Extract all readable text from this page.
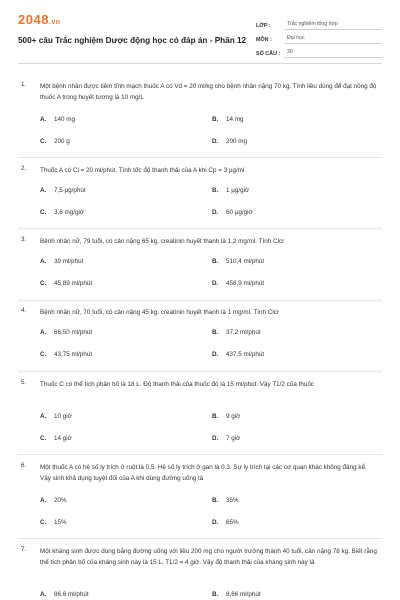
2048.vn
500+ câu Trắc nghiệm Dược động học có đáp án - Phần 12
LỚP :	Trắc nghiệm tổng hợp
MÔN :	Đại học
SỐ CÂU :	30
1. Một bệnh nhân được tiêm tĩnh mạch thuốc A có Vd = 20 ml/kg cho bệnh nhân nặng 70 kg. Tính liều dùng để đạt nồng độ thuốc A trong huyết tương là 10 mg/L
A. 140 mg	B. 14 mg
C. 200 g	D. 200 mg
2. Thuốc A có Cl = 20 ml/phút. Tính tốc độ thanh thải của A khi Cp = 3 µg/ml
A. 7,5 µg/phút	B. 1 µg/giờ
C. 3,6 mg/giờ	D. 60 µg/giờ
3. Bệnh nhân nữ, 79 tuổi, có cân nặng 65 kg, creatinin huyết thanh là 1,2 mg/ml. Tính Clcr
A. 39 ml/phút	B. 510,4 ml/phút
C. 45,89 ml/phút	D. 458,9 ml/phút
4. Bệnh nhân nữ, 70 tuổi, có cân nặng 45 kg, creatinin huyết thanh là 1 mg/ml. Tính Clcr
A. 66,50 ml/phút	B. 37,2 ml/phút
C. 43,75 ml/phút	D. 437,5 ml/phút
5. Thuốc C có thể tích phân bố là 18 L. Độ thanh thải của thuốc đó là 15 ml/phút. Vậy T1/2 của thuốc
A. 10 giờ	B. 9 giờ
C. 14 giờ	D. 7 giờ
6. Một thuốc A có hệ số ly trích ở ruột là 0,5. Hệ số ly trích ở gan là 0,3. Sự ly trích tại các cơ quan khác không đáng kể. Vậy sinh khả dụng tuyệt đối của A khi dùng đường uống là
A. 20%	B. 35%
C. 15%	D. 65%
7. Một kháng sinh được dùng bằng đường uống với liều 200 mg cho người trưởng thành 40 tuổi, cân nặng 78 kg. Biết rằng thể tích phân bố của kháng sinh này là 15 L, T1/2 = 4 giờ. Vậy độ thanh thải của kháng sinh này là
A. 86,6 ml/phút	B. 8,66 ml/phút
